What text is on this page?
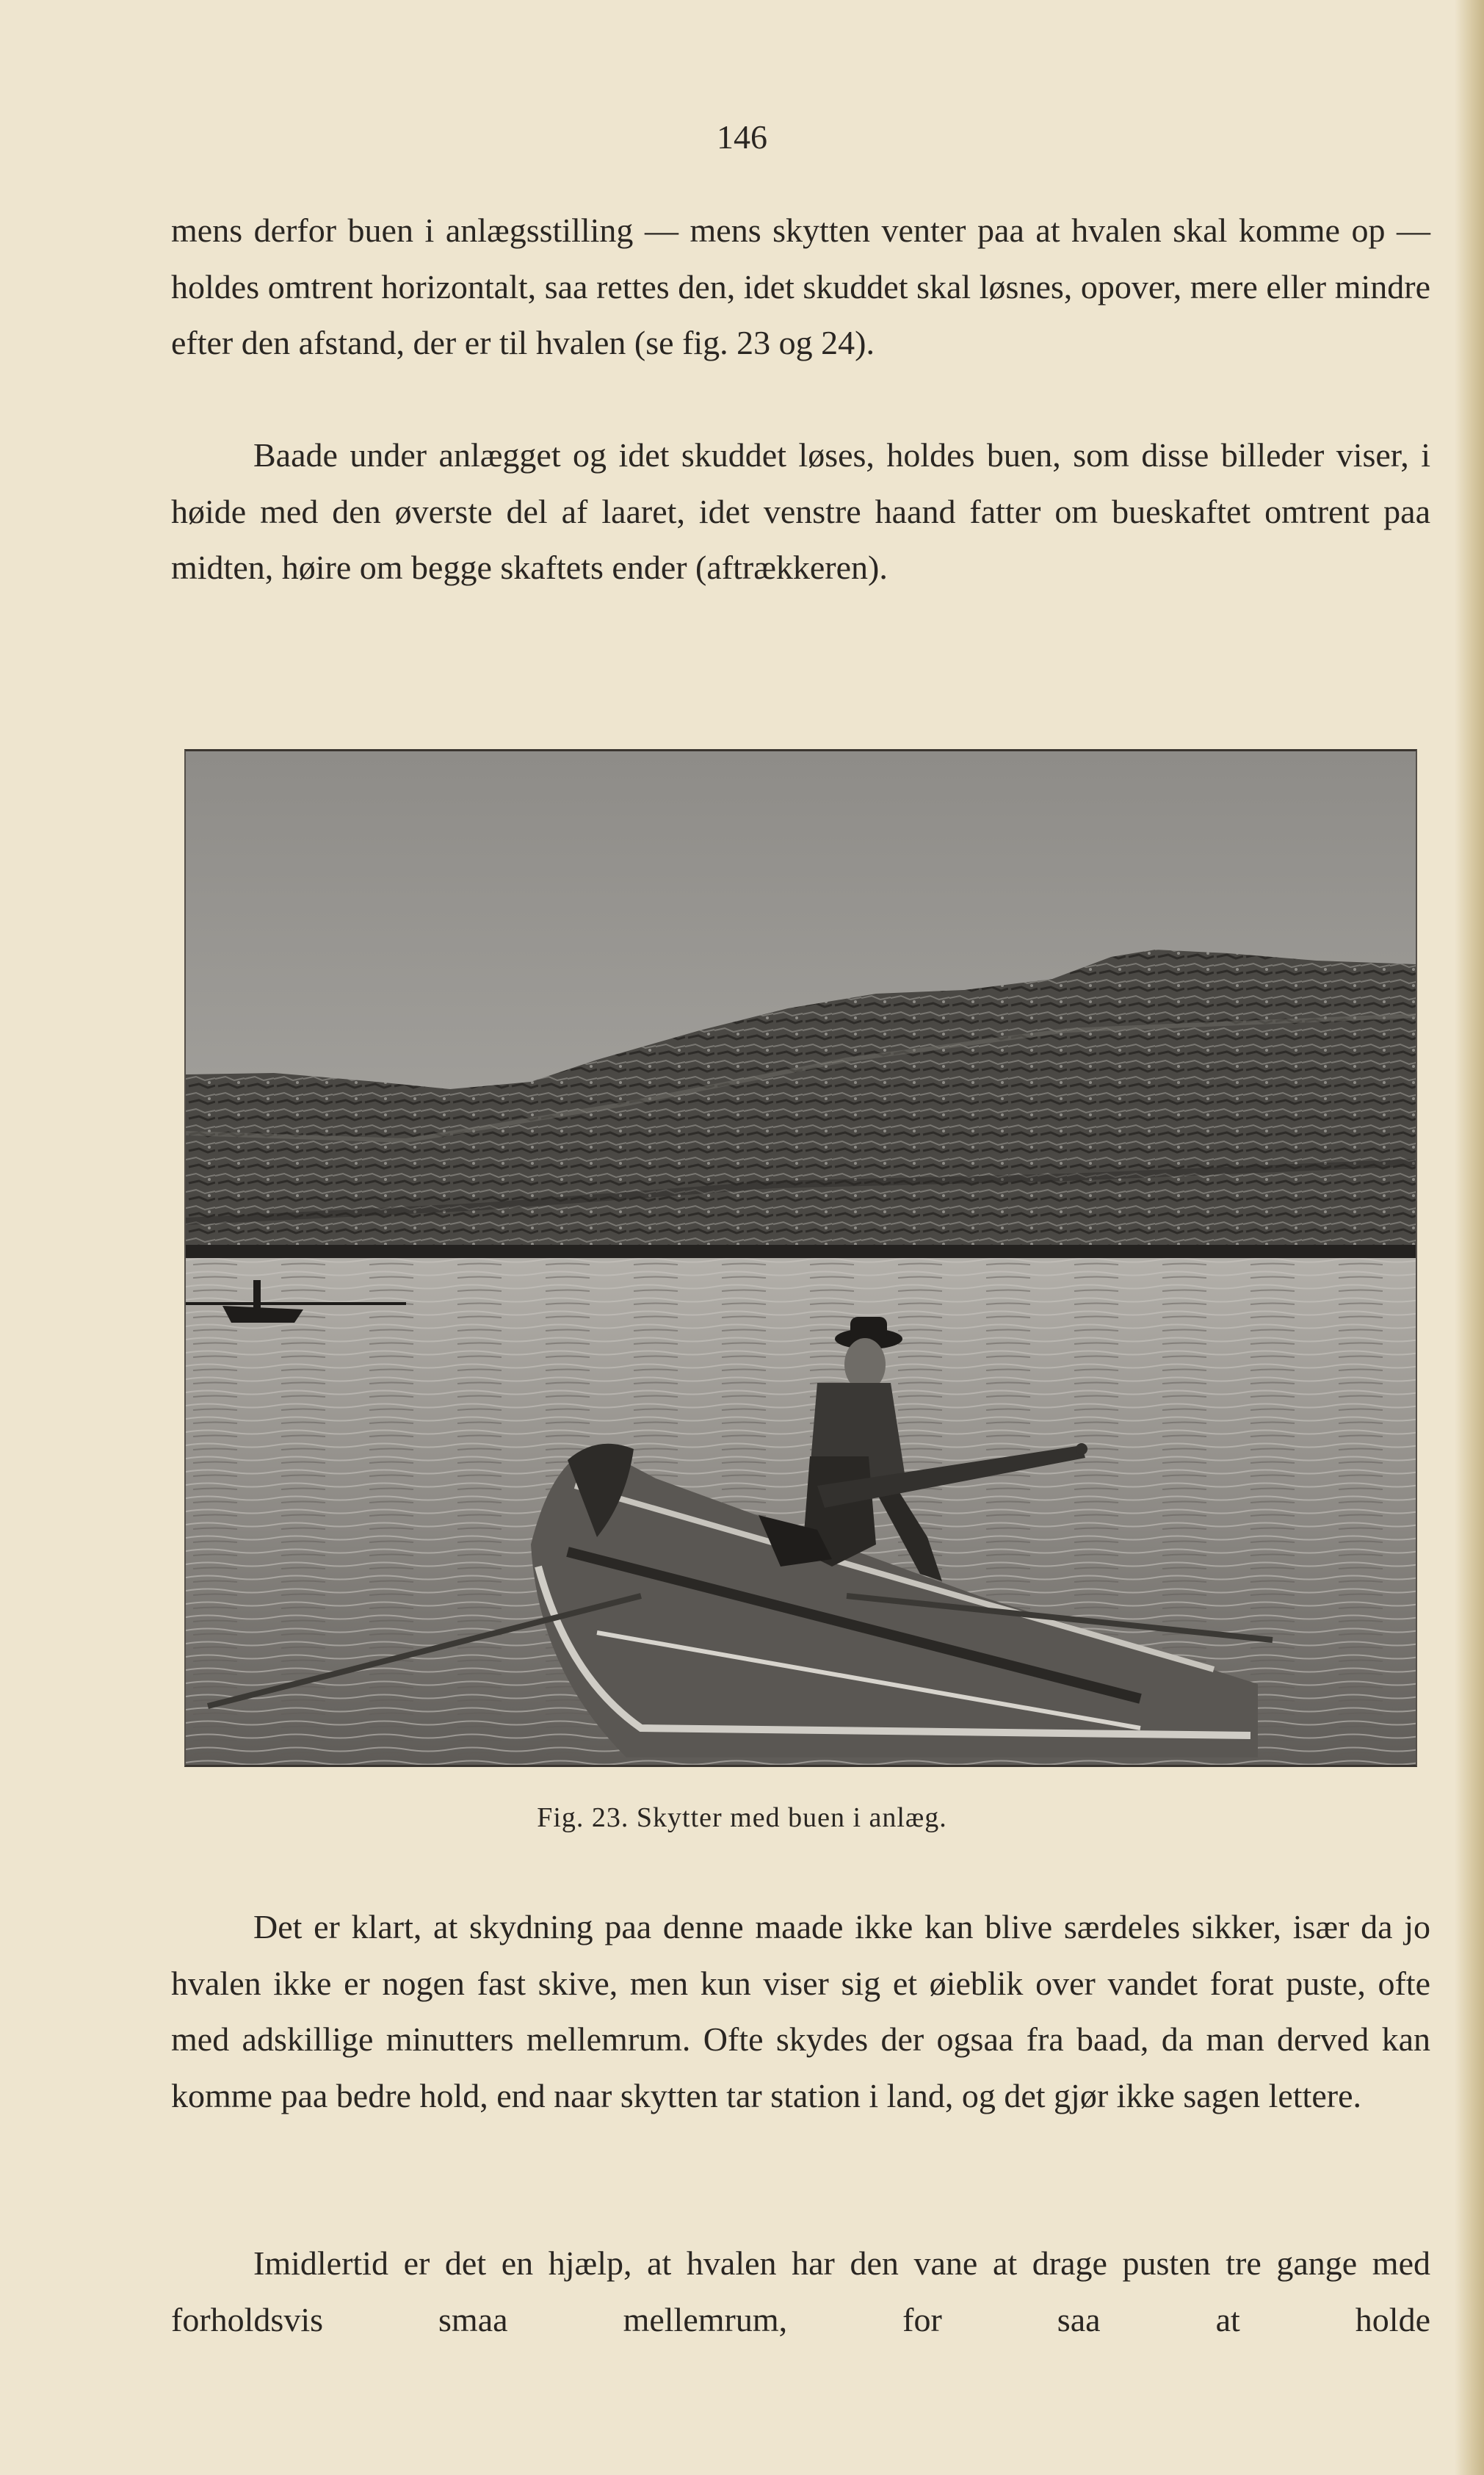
146

mens derfor buen i anlægsstilling — mens skytten venter paa at hvalen skal komme op — holdes omtrent horizontalt, saa rettes den, idet skuddet skal løsnes, opover, mere eller mindre efter den afstand, der er til hvalen (se fig. 23 og 24).

Baade under anlægget og idet skuddet løses, holdes buen, som disse billeder viser, i høide med den øverste del af laaret, idet venstre haand fatter om bueskaftet omtrent paa midten, høire om begge skaftets ender (aftrækkeren).

Fig. 23. Skytter med buen i anlæg.

Det er klart, at skydning paa denne maade ikke kan blive særdeles sikker, især da jo hvalen ikke er nogen fast skive, men kun viser sig et øieblik over vandet forat puste, ofte med adskillige minutters mellemrum. Ofte skydes der ogsaa fra baad, da man derved kan komme paa bedre hold, end naar skytten tar station i land, og det gjør ikke sagen lettere.

Imidlertid er det en hjælp, at hvalen har den vane at drage pusten tre gange med forholdsvis smaa mellemrum, for saa at holde
